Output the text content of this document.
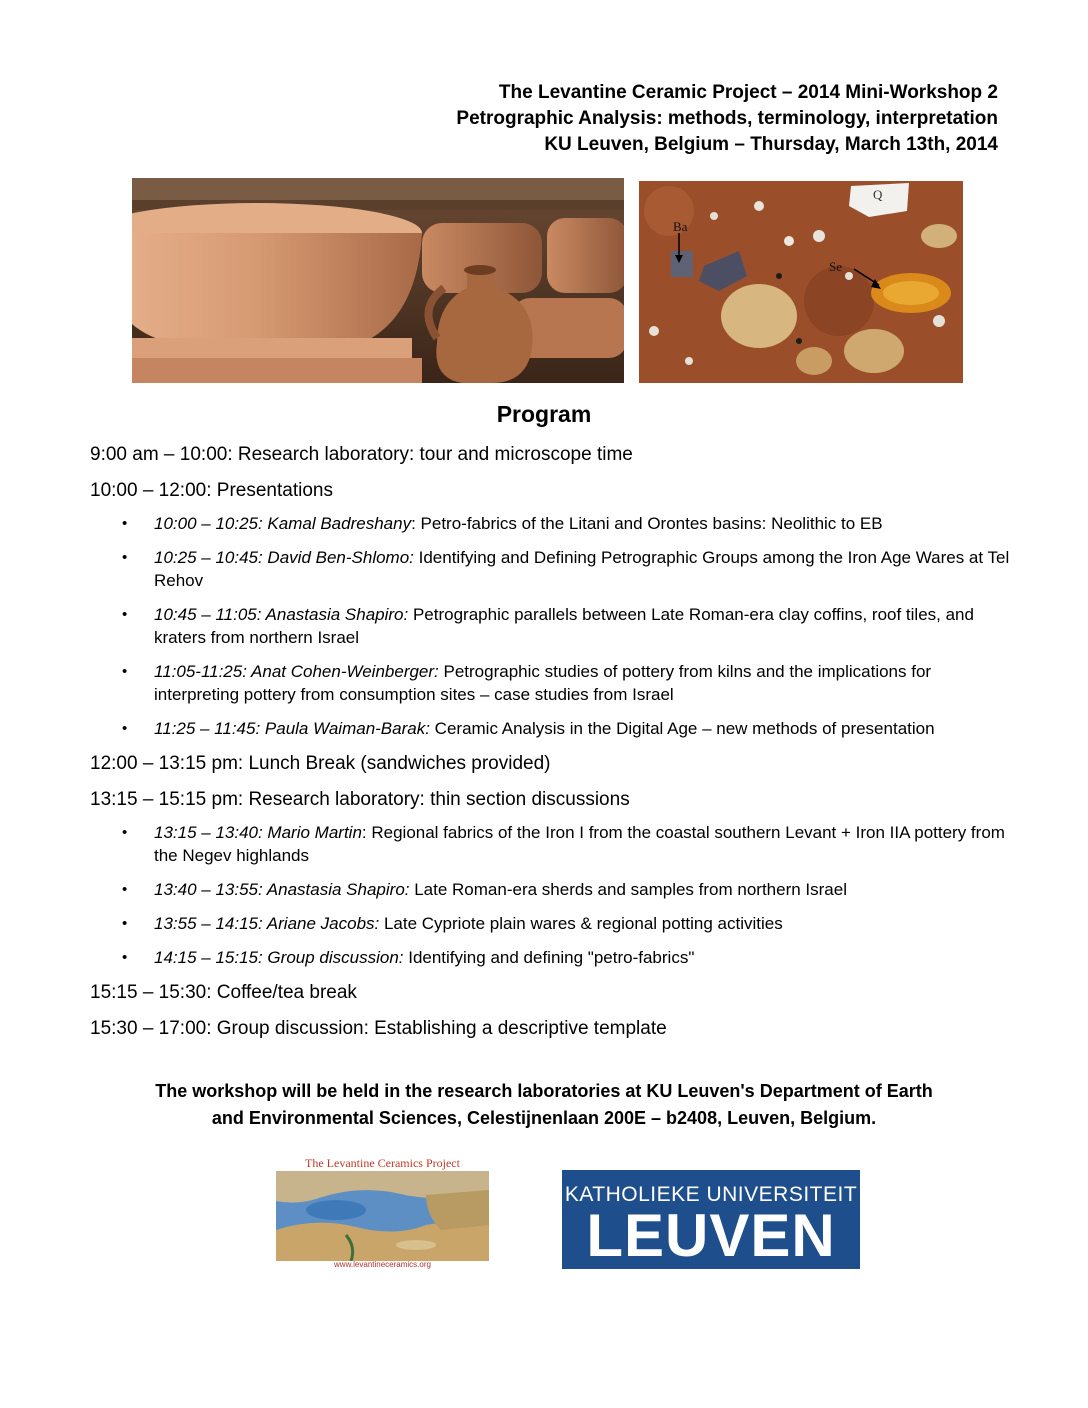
The Levantine Ceramic Project – 2014 Mini-Workshop 2
Petrographic Analysis: methods, terminology, interpretation
KU Leuven, Belgium – Thursday, March 13th, 2014
Q
Ba
Se
Program
9:00 am – 10:00: Research laboratory: tour and microscope time
10:00 – 12:00: Presentations
• 10:00 – 10:25: Kamal Badreshany: Petro-fabrics of the Litani and Orontes basins: Neolithic to EB
• 10:25 – 10:45: David Ben-Shlomo: Identifying and Defining Petrographic Groups among the Iron Age Wares at Tel Rehov
• 10:45 – 11:05: Anastasia Shapiro: Petrographic parallels between Late Roman-era clay coffins, roof tiles, and kraters from northern Israel
• 11:05-11:25: Anat Cohen-Weinberger: Petrographic studies of pottery from kilns and the implications for interpreting pottery from consumption sites – case studies from Israel
• 11:25 – 11:45: Paula Waiman-Barak: Ceramic Analysis in the Digital Age – new methods of presentation
12:00 – 13:15 pm: Lunch Break (sandwiches provided)
13:15 – 15:15 pm: Research laboratory: thin section discussions
• 13:15 – 13:40: Mario Martin: Regional fabrics of the Iron I from the coastal southern Levant + Iron IIA pottery from the Negev highlands
• 13:40 – 13:55: Anastasia Shapiro: Late Roman-era sherds and samples from northern Israel
• 13:55 – 14:15: Ariane Jacobs: Late Cypriote plain wares & regional potting activities
• 14:15 – 15:15: Group discussion: Identifying and defining "petro-fabrics"
15:15 – 15:30: Coffee/tea break
15:30 – 17:00: Group discussion: Establishing a descriptive template
The workshop will be held in the research laboratories at KU Leuven's Department of Earth
and Environmental Sciences, Celestijnenlaan 200E – b2408, Leuven, Belgium.
The Levantine Ceramics Project
www.levantineceramics.org
KATHOLIEKE UNIVERSITEIT
LEUVEN
